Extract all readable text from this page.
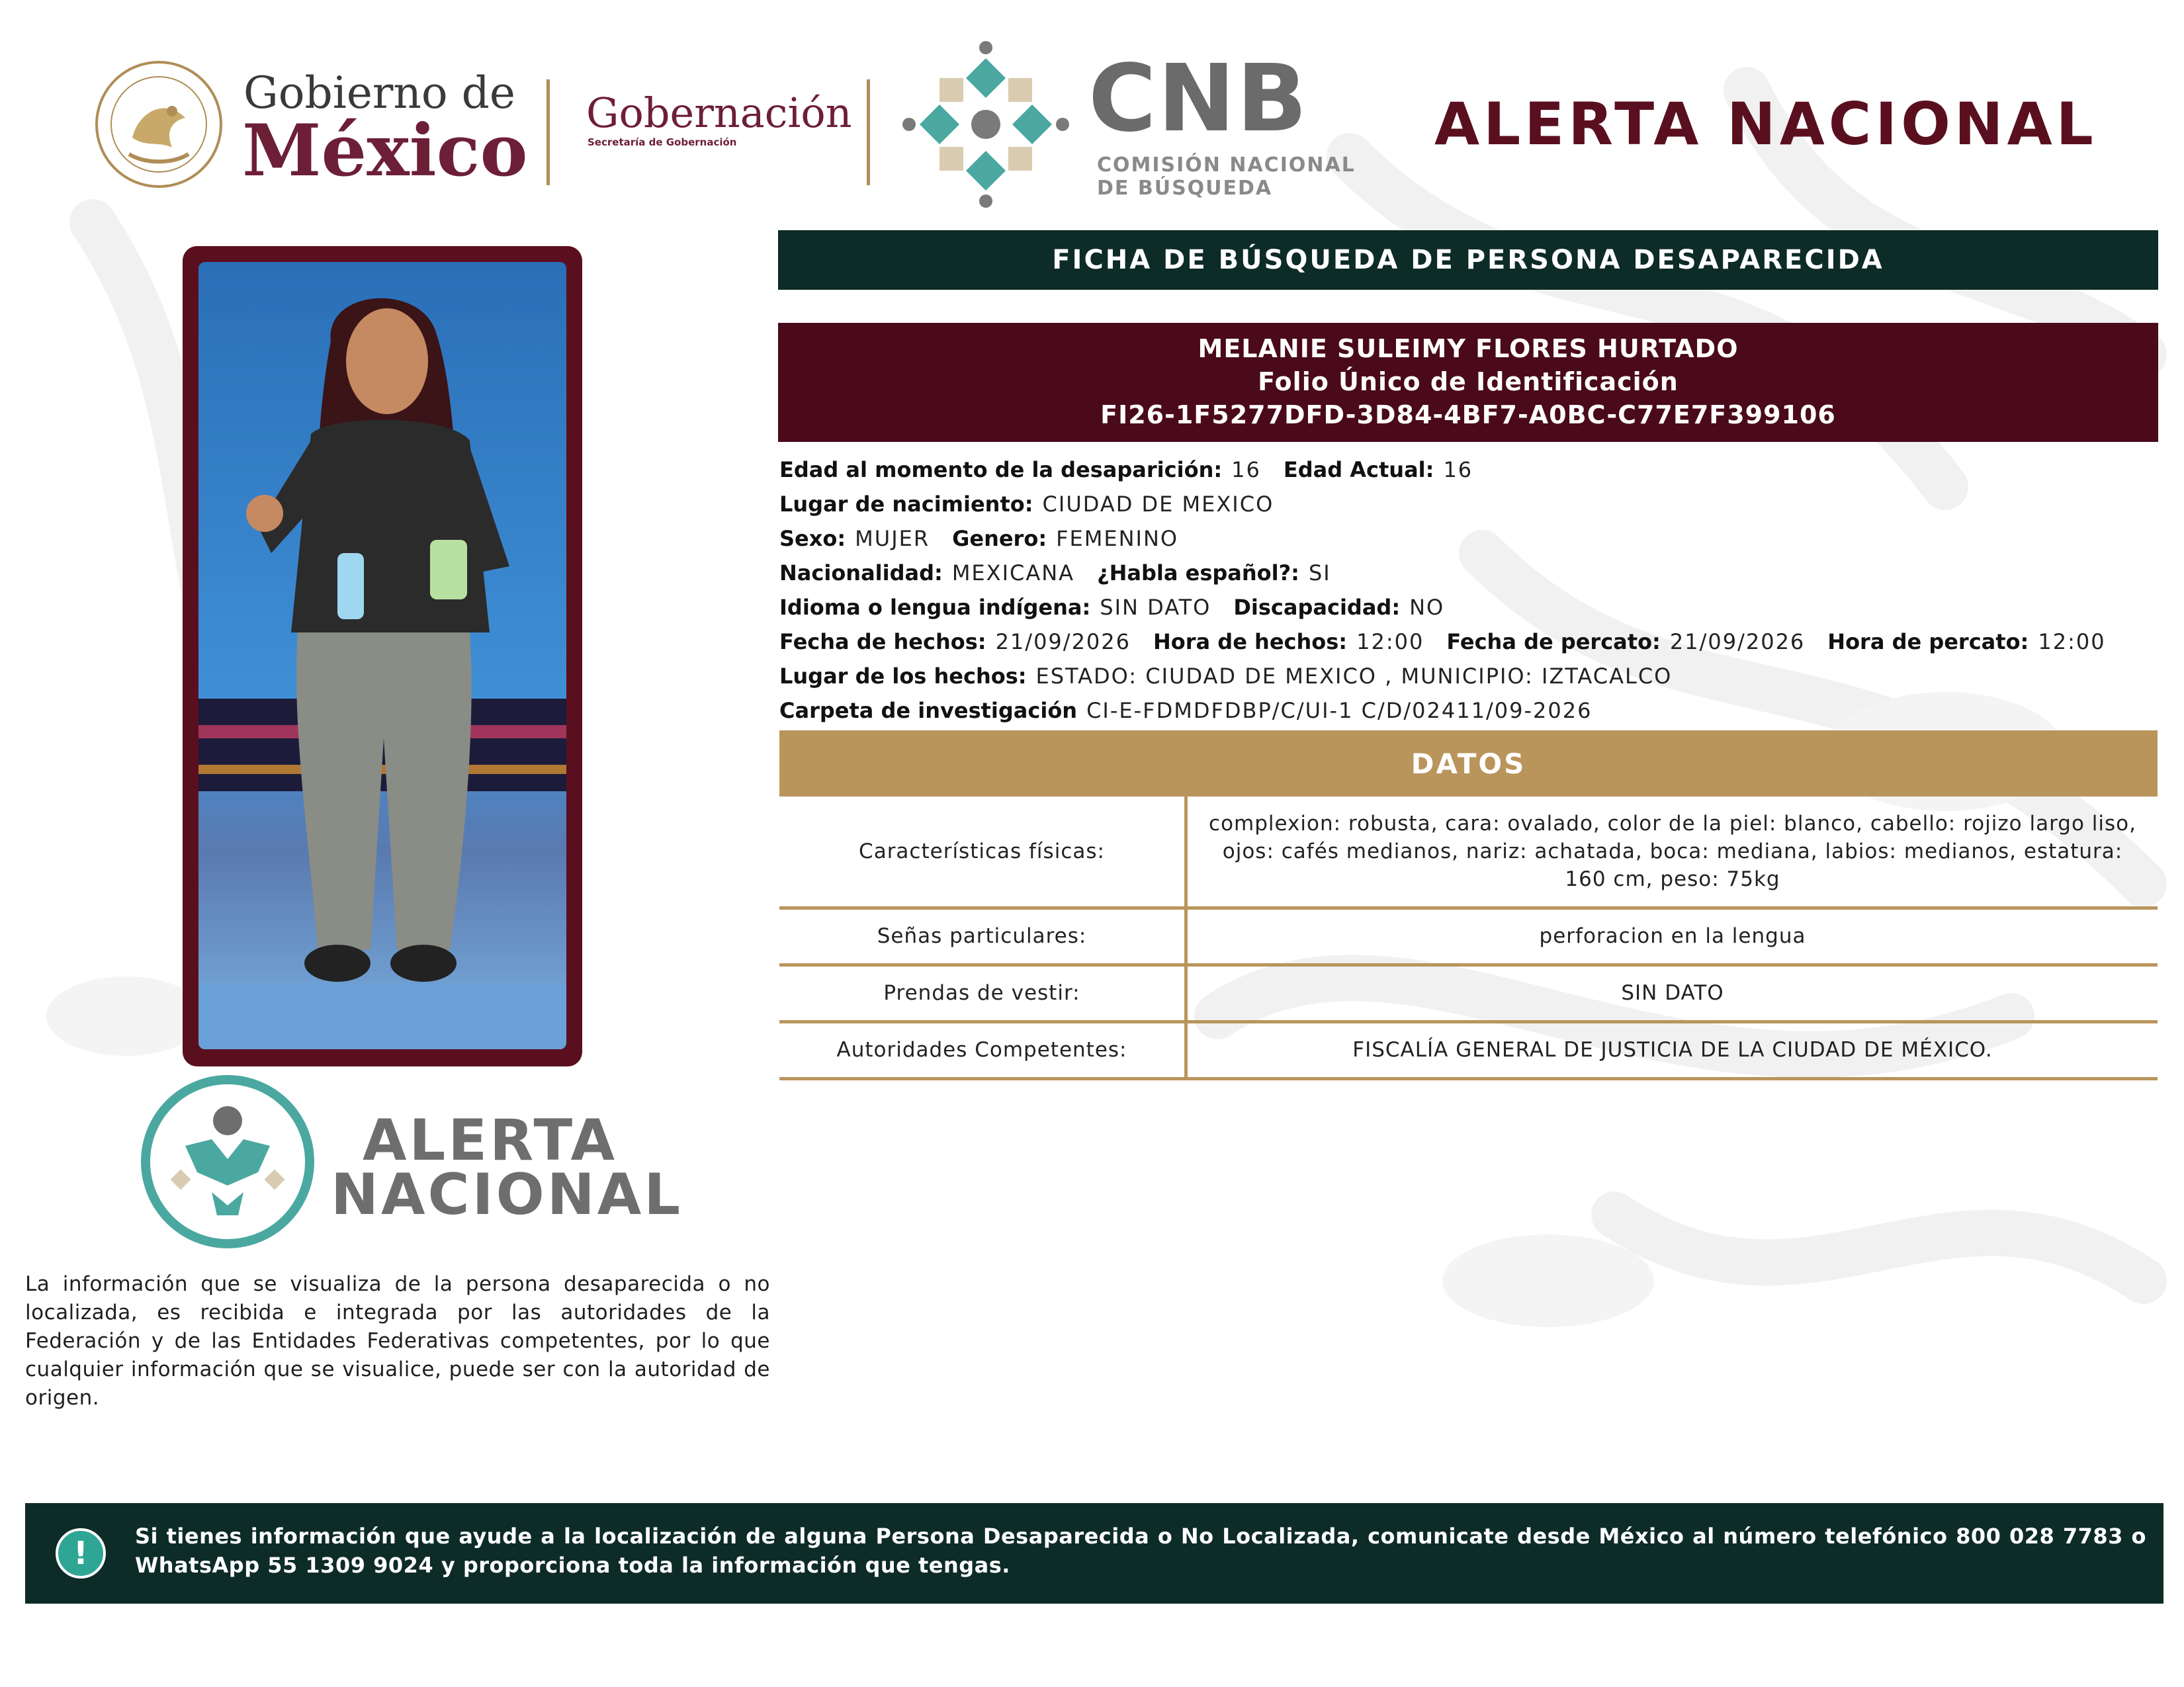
Gobierno de
México Gobernación
Secretaría de Gobernación	CNB
COMISIÓN NACIONAL
DE BÚSQUEDA
ALERTA NACIONAL
ALERTA
NACIONAL
La información que se visualiza de la persona desaparecida o no localizada, es recibida e integrada por las autoridades de la Federación y de las Entidades Federativas competentes, por lo que cualquier información que se visualice, puede ser con la autoridad de origen.
FICHA DE BÚSQUEDA DE PERSONA DESAPARECIDA
MELANIE SULEIMY FLORES HURTADO
Folio Único de Identificación
FI26-1F5277DFD-3D84-4BF7-A0BC-C77E7F399106
Edad al momento de la desaparición: 16 Edad Actual: 16
Lugar de nacimiento: CIUDAD DE MEXICO
Sexo: MUJER Genero: FEMENINO
Nacionalidad: MEXICANA ¿Habla español?: SI
Idioma o lengua indígena: SIN DATO Discapacidad: NO
Fecha de hechos: 21/09/2026 Hora de hechos: 12:00 Fecha de percato: 21/09/2026 Hora de percato: 12:00
Lugar de los hechos: ESTADO: CIUDAD DE MEXICO , MUNICIPIO: IZTACALCO
Carpeta de investigación CI-E-FDMDFDBP/C/UI-1 C/D/02411/09-2026
DATOS
Características físicas:	complexion: robusta, cara: ovalado, color de la piel: blanco, cabello: rojizo largo liso, ojos: cafés medianos, nariz: achatada, boca: mediana, labios: medianos, estatura: 160 cm, peso: 75kg
Señas particulares:	perforacion en la lengua
Prendas de vestir:	SIN DATO
Autoridades Competentes:	FISCALÍA GENERAL DE JUSTICIA DE LA CIUDAD DE MÉXICO.
!	Si tienes información que ayude a la localización de alguna Persona Desaparecida o No Localizada, comunicate desde México al número telefónico 800 028 7783 o WhatsApp 55 1309 9024 y proporciona toda la información que tengas.
